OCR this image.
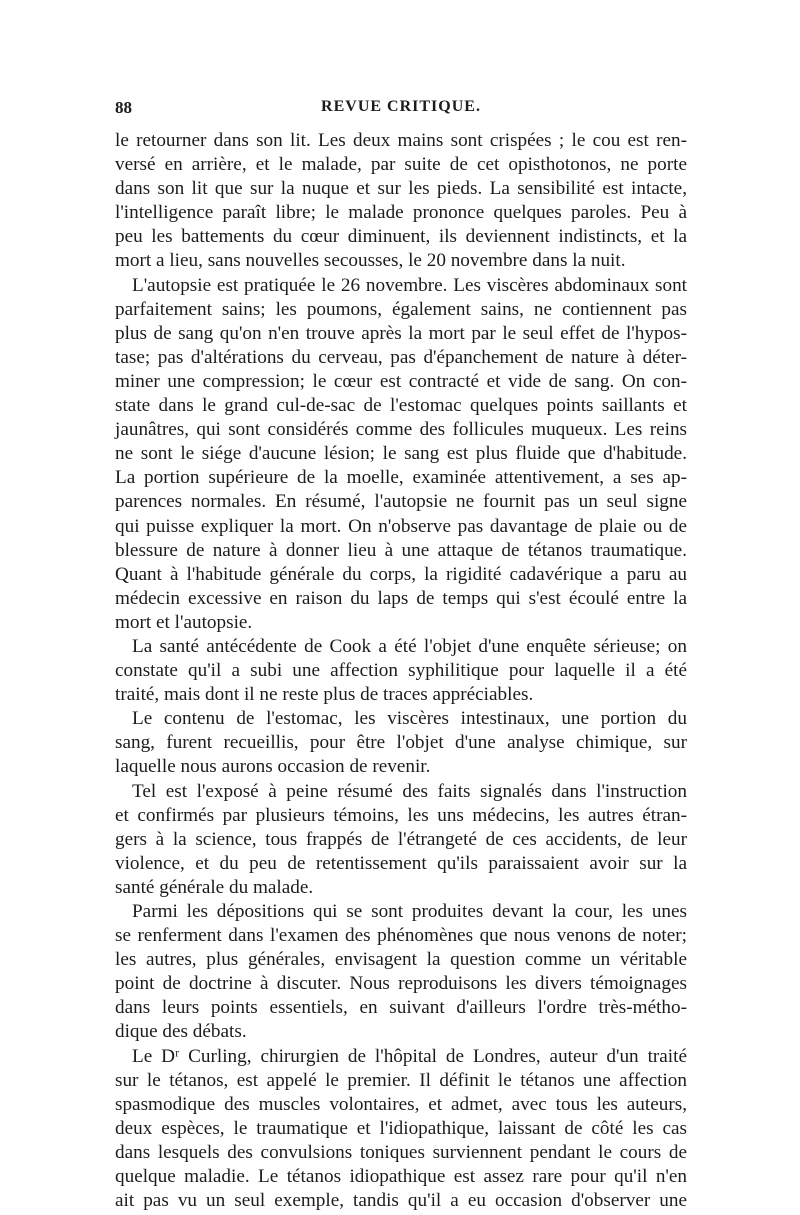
88	REVUE CRITIQUE.
le retourner dans son lit. Les deux mains sont crispées ; le cou est ren-
versé en arrière, et le malade, par suite de cet opisthotonos, ne porte
dans son lit que sur la nuque et sur les pieds. La sensibilité est intacte,
l'intelligence paraît libre; le malade prononce quelques paroles. Peu à
peu les battements du cœur diminuent, ils deviennent indistincts, et la
mort a lieu, sans nouvelles secousses, le 20 novembre dans la nuit.
L'autopsie est pratiquée le 26 novembre. Les viscères abdominaux sont
parfaitement sains; les poumons, également sains, ne contiennent pas
plus de sang qu'on n'en trouve après la mort par le seul effet de l'hypos-
tase; pas d'altérations du cerveau, pas d'épanchement de nature à déter-
miner une compression; le cœur est contracté et vide de sang. On con-
state dans le grand cul-de-sac de l'estomac quelques points saillants et
jaunâtres, qui sont considérés comme des follicules muqueux. Les reins
ne sont le siége d'aucune lésion; le sang est plus fluide que d'habitude.
La portion supérieure de la moelle, examinée attentivement, a ses ap-
parences normales. En résumé, l'autopsie ne fournit pas un seul signe
qui puisse expliquer la mort. On n'observe pas davantage de plaie ou de
blessure de nature à donner lieu à une attaque de tétanos traumatique.
Quant à l'habitude générale du corps, la rigidité cadavérique a paru au
médecin excessive en raison du laps de temps qui s'est écoulé entre la
mort et l'autopsie.
La santé antécédente de Cook a été l'objet d'une enquête sérieuse; on
constate qu'il a subi une affection syphilitique pour laquelle il a été
traité, mais dont il ne reste plus de traces appréciables.
Le contenu de l'estomac, les viscères intestinaux, une portion du
sang, furent recueillis, pour être l'objet d'une analyse chimique, sur
laquelle nous aurons occasion de revenir.
Tel est l'exposé à peine résumé des faits signalés dans l'instruction
et confirmés par plusieurs témoins, les uns médecins, les autres étran-
gers à la science, tous frappés de l'étrangeté de ces accidents, de leur
violence, et du peu de retentissement qu'ils paraissaient avoir sur la
santé générale du malade.
Parmi les dépositions qui se sont produites devant la cour, les unes
se renferment dans l'examen des phénomènes que nous venons de noter;
les autres, plus générales, envisagent la question comme un véritable
point de doctrine à discuter. Nous reproduisons les divers témoignages
dans leurs points essentiels, en suivant d'ailleurs l'ordre très-métho-
dique des débats.
Le Dʳ Curling, chirurgien de l'hôpital de Londres, auteur d'un traité
sur le tétanos, est appelé le premier. Il définit le tétanos une affection
spasmodique des muscles volontaires, et admet, avec tous les auteurs,
deux espèces, le traumatique et l'idiopathique, laissant de côté les cas
dans lesquels des convulsions toniques surviennent pendant le cours de
quelque maladie. Le tétanos idiopathique est assez rare pour qu'il n'en
ait pas vu un seul exemple, tandis qu'il a eu occasion d'observer une
